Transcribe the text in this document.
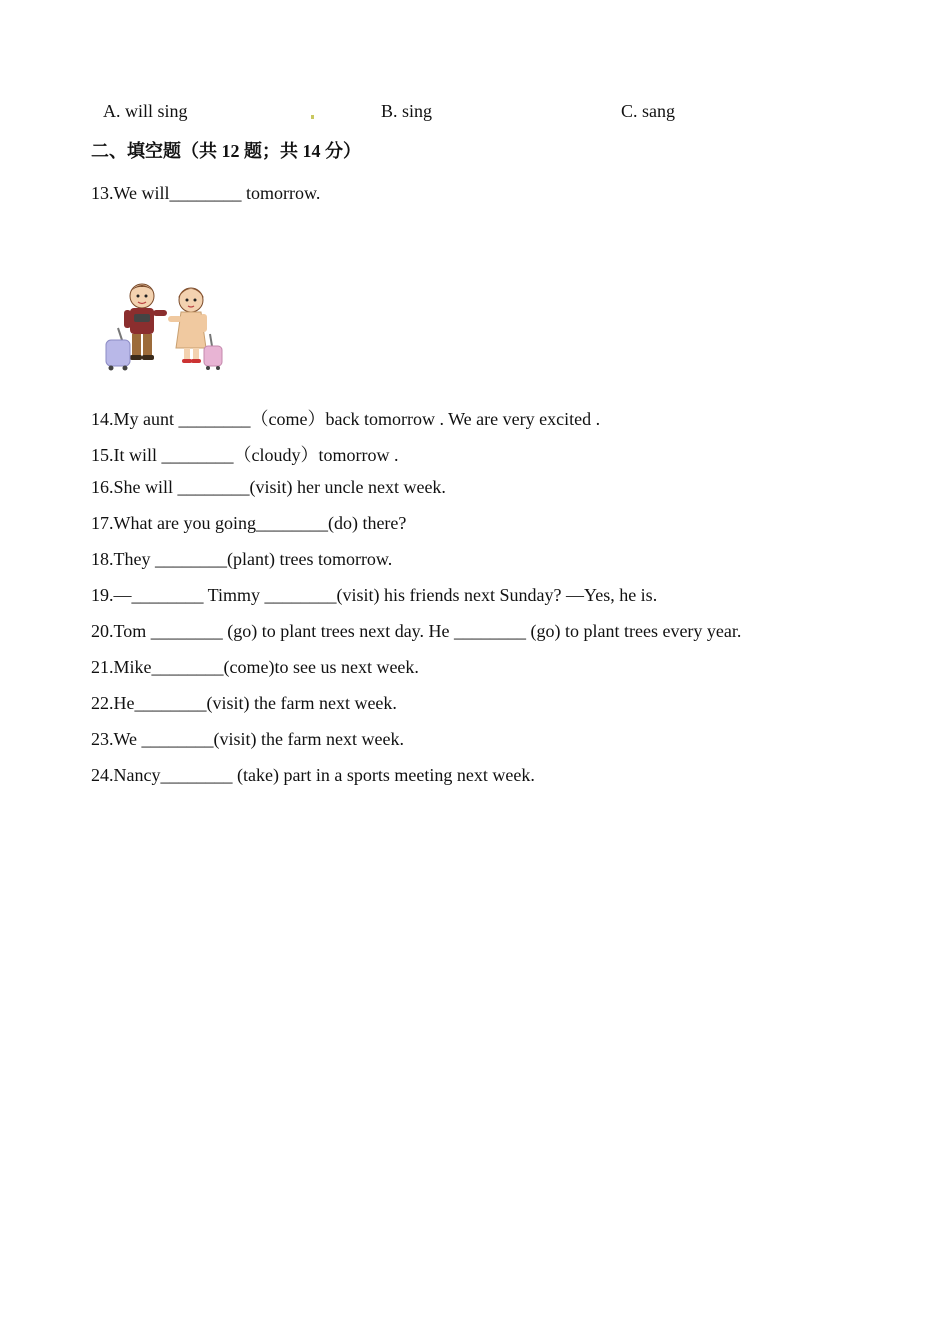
A. will sing	B. sing	C. sang
二、填空题（共 12 题；共 14 分）
13.We will________ tomorrow.
14.My aunt ________（come）back tomorrow . We are very excited .
15.It will ________（cloudy）tomorrow .
16.She will ________(visit) her uncle next week.
17.What are you going________(do) there?
18.They ________(plant) trees tomorrow.
19.—________ Timmy ________(visit) his friends next Sunday? —Yes, he is.
20.Tom ________ (go) to plant trees next day. He ________ (go) to plant trees every year.
21.Mike________(come)to see us next week.
22.He________(visit) the farm next week.
23.We ________(visit) the farm next week.
24.Nancy________ (take) part in a sports meeting next week.
